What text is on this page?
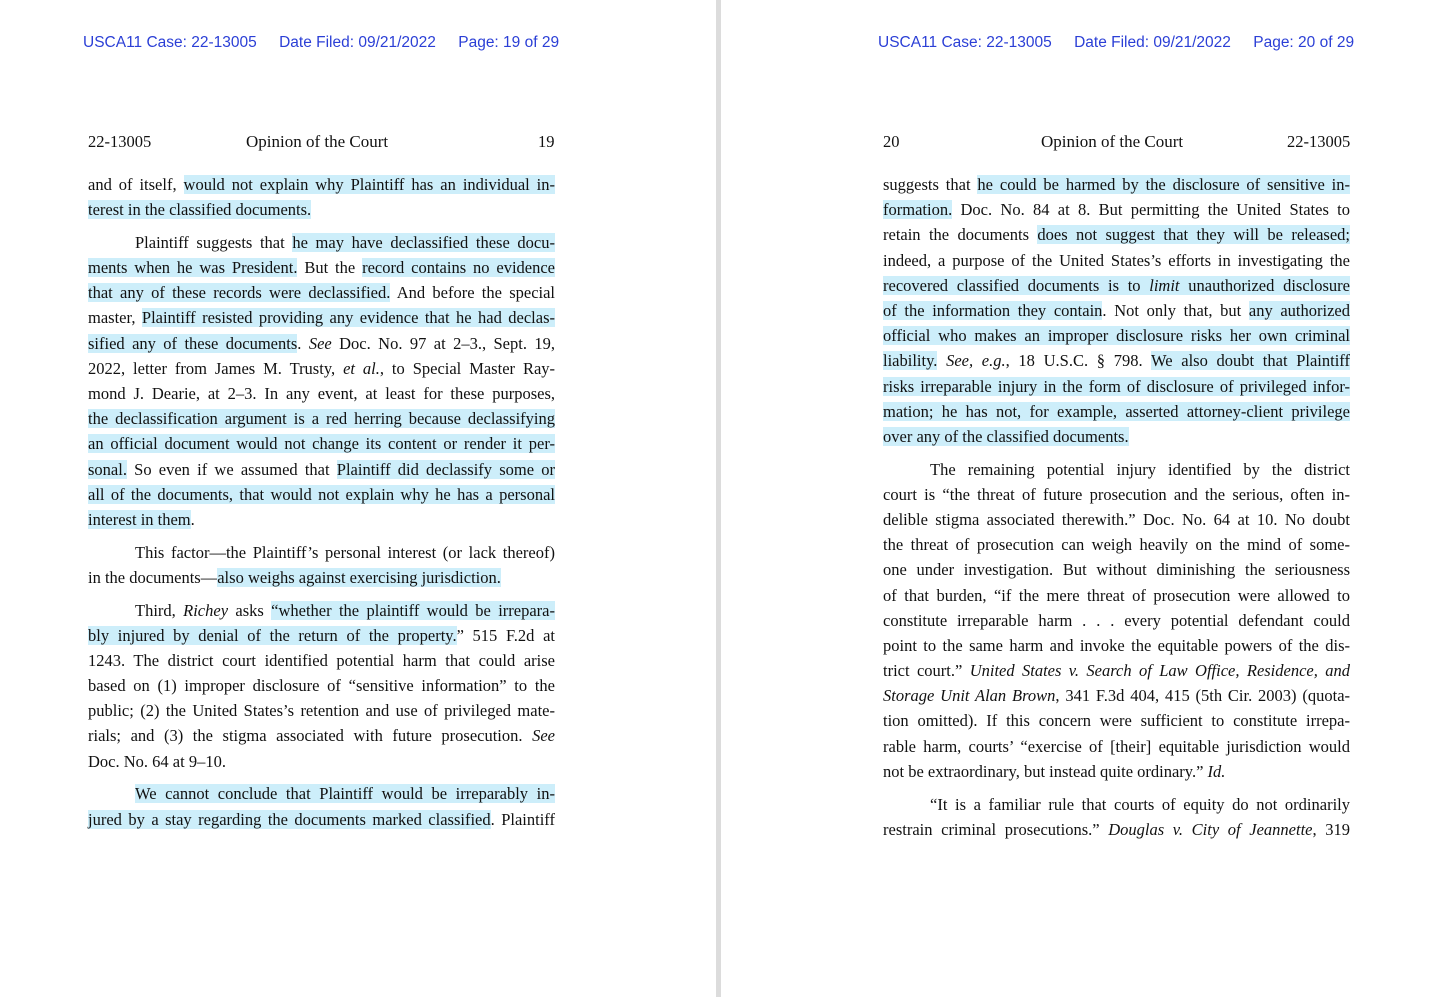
USCA11 Case: 22-13005 Date Filed: 09/21/2022 Page: 19 of 29
22-13005	Opinion of the Court	19
and of itself, would not explain why Plaintiff has an individual in-
terest in the classified documents.
Plaintiff suggests that he may have declassified these docu-
ments when he was President. But the record contains no evidence
that any of these records were declassified. And before the special
master, Plaintiff resisted providing any evidence that he had declas-
sified any of these documents. See Doc. No. 97 at 2–3., Sept. 19,
2022, letter from James M. Trusty, et al., to Special Master Ray-
mond J. Dearie, at 2–3. In any event, at least for these purposes,
the declassification argument is a red herring because declassifying
an official document would not change its content or render it per-
sonal. So even if we assumed that Plaintiff did declassify some or
all of the documents, that would not explain why he has a personal
interest in them.
This factor—the Plaintiff’s personal interest (or lack thereof)
in the documents—also weighs against exercising jurisdiction.
Third, Richey asks “whether the plaintiff would be irrepara-
bly injured by denial of the return of the property.” 515 F.2d at
1243. The district court identified potential harm that could arise
based on (1) improper disclosure of “sensitive information” to the
public; (2) the United States’s retention and use of privileged mate-
rials; and (3) the stigma associated with future prosecution. See
Doc. No. 64 at 9–10.
We cannot conclude that Plaintiff would be irreparably in-
jured by a stay regarding the documents marked classified. Plaintiff
USCA11 Case: 22-13005 Date Filed: 09/21/2022 Page: 20 of 29
20	Opinion of the Court	22-13005
suggests that he could be harmed by the disclosure of sensitive in-
formation. Doc. No. 84 at 8. But permitting the United States to
retain the documents does not suggest that they will be released;
indeed, a purpose of the United States’s efforts in investigating the
recovered classified documents is to limit unauthorized disclosure
of the information they contain. Not only that, but any authorized
official who makes an improper disclosure risks her own criminal
liability. See, e.g., 18 U.S.C. § 798. We also doubt that Plaintiff
risks irreparable injury in the form of disclosure of privileged infor-
mation; he has not, for example, asserted attorney-client privilege
over any of the classified documents.
The remaining potential injury identified by the district
court is “the threat of future prosecution and the serious, often in-
delible stigma associated therewith.” Doc. No. 64 at 10. No doubt
the threat of prosecution can weigh heavily on the mind of some-
one under investigation. But without diminishing the seriousness
of that burden, “if the mere threat of prosecution were allowed to
constitute irreparable harm . . . every potential defendant could
point to the same harm and invoke the equitable powers of the dis-
trict court.” United States v. Search of Law Office, Residence, and
Storage Unit Alan Brown, 341 F.3d 404, 415 (5th Cir. 2003) (quota-
tion omitted). If this concern were sufficient to constitute irrepa-
rable harm, courts’ “exercise of [their] equitable jurisdiction would
not be extraordinary, but instead quite ordinary.” Id.
“It is a familiar rule that courts of equity do not ordinarily
restrain criminal prosecutions.” Douglas v. City of Jeannette, 319
